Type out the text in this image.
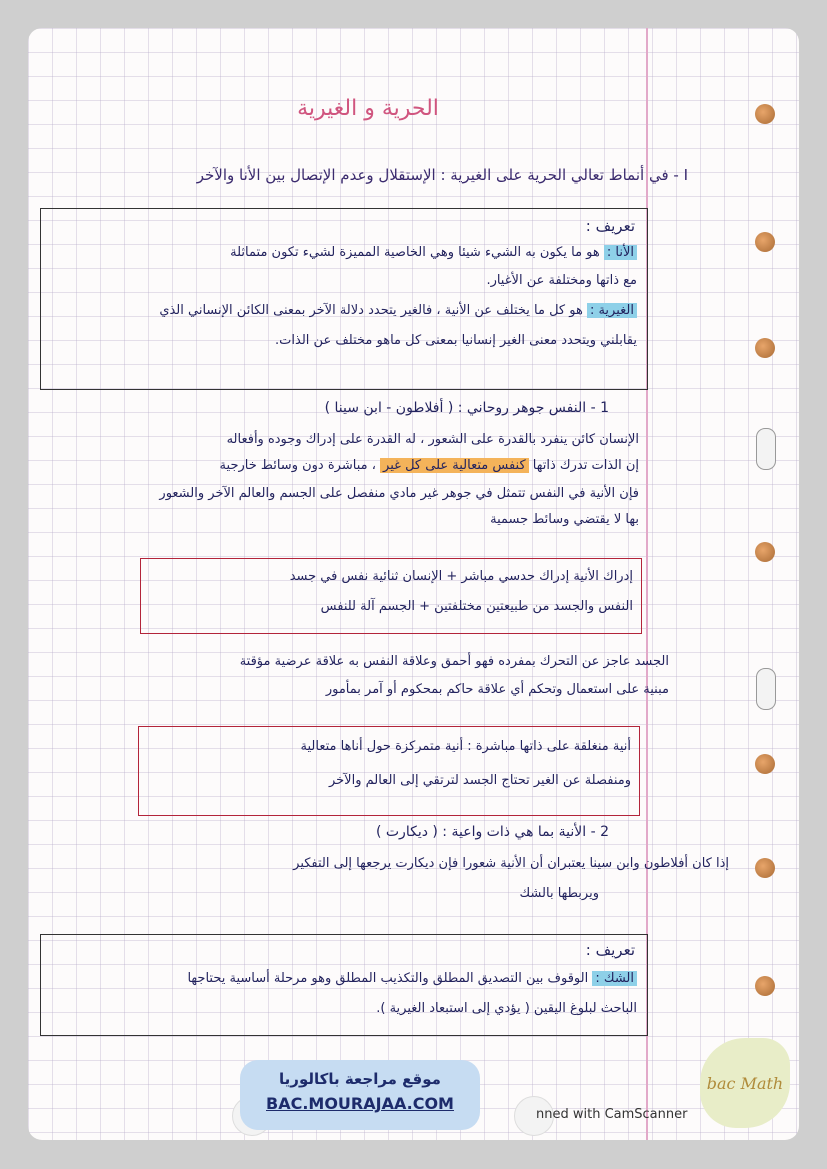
الحرية و الغيرية
I - في أنماط تعالي الحرية على الغيرية : الإستقلال وعدم الإتصال بين الأنا والآخر
تعريف :
الأنا : هو ما يكون به الشيء شيئا وهي الخاصية المميزة لشيء تكون متماثلة
مع ذاتها ومختلفة عن الأغيار.
الغيرية : هو كل ما يختلف عن الأنية ، فالغير يتحدد دلالة الآخر بمعنى الكائن الإنساني الذي
يقابلني ويتحدد معنى الغير إنسانيا بمعنى كل ماهو مختلف عن الذات.
1 - النفس جوهر روحاني : ( أفلاطون - ابن سينا )
الإنسان كائن ينفرد بالقدرة على الشعور ، له القدرة على إدراك وجوده وأفعاله
إن الذات تدرك ذاتها كنفس متعالية على كل غير ، مباشرة دون وسائط خارجية
فإن الأنية في النفس تتمثل في جوهر غير مادي منفصل على الجسم والعالم الآخر والشعور
بها لا يقتضي وسائط جسمية
إدراك الأنية إدراك حدسي مباشر + الإنسان ثنائية نفس في جسد
النفس والجسد من طبيعتين مختلفتين + الجسم آلة للنفس
الجسد عاجز عن التحرك بمفرده فهو أحمق وعلاقة النفس به علاقة عرضية مؤقتة
مبنية على استعمال وتحكم أي علاقة حاكم بمحكوم أو آمر بمأمور
أنية منغلقة على ذاتها مباشرة : أنية متمركزة حول أناها متعالية
ومنفصلة عن الغير تحتاج الجسد لترتقي إلى العالم والآخر
2 - الأنية بما هي ذات واعية : ( ديكارت )
إذا كان أفلاطون وابن سينا يعتبران أن الأنية شعورا فإن ديكارت يرجعها إلى التفكير
ويربطها بالشك
تعريف :
الشك : الوقوف بين التصديق المطلق والتكذيب المطلق وهو مرحلة أساسية يحتاجها
الباحث لبلوغ اليقين ( يؤدي إلى استبعاد الغيرية ).
موقع مراجعة باكالوريا
BAC.MOURAJAA.COM
nned with CamScanner
bac Math
